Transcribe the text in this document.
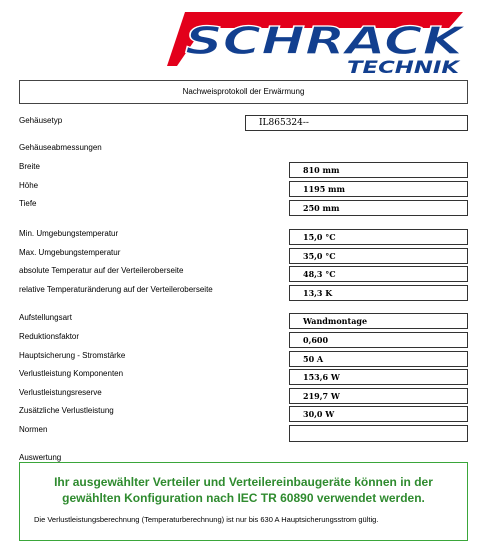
SCHRACK
TECHNIK
Nachweisprotokoll der Erwärmung
Gehäusetyp	IL865324--
Gehäuseabmessungen
Breite	810 mm
Höhe	1195 mm
Tiefe	250 mm
Min. Umgebungstemperatur	15,0 °C
Max. Umgebungstemperatur	35,0 °C
absolute Temperatur auf der Verteileroberseite	48,3 °C
relative Temperaturänderung auf der Verteileroberseite	13,3 K
Aufstellungsart	Wandmontage
Reduktionsfaktor	0,600
Hauptsicherung - Stromstärke	50 A
Verlustleistung Komponenten	153,6 W
Verlustleistungsreserve	219,7 W
Zusätzliche Verlustleistung	30,0 W
Normen
Auswertung
Ihr ausgewählter Verteiler und Verteilereinbaugeräte können in der
gewählten Konfiguration nach IEC TR 60890 verwendet werden.
Die Verlustleistungsberechnung (Temperaturberechnung) ist nur bis 630 A Hauptsicherungsstrom gültig.
